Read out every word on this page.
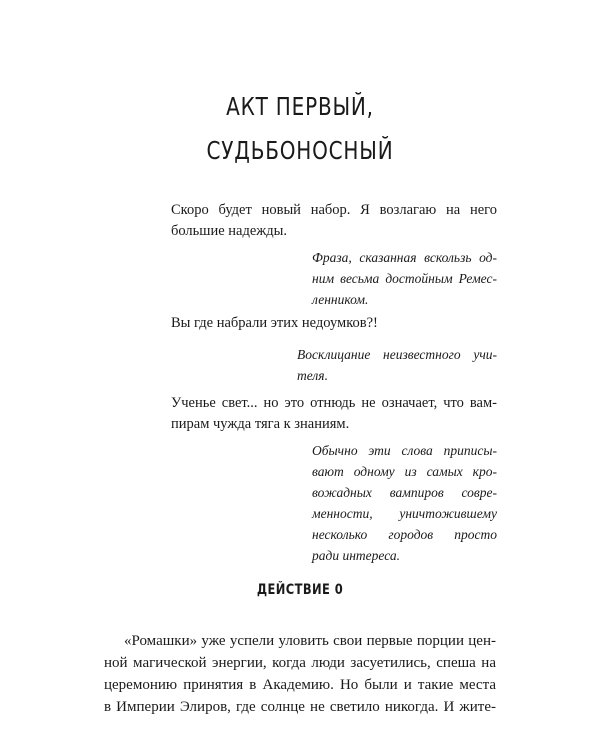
АКТ ПЕРВЫЙ,
СУДЬБОНОСНЫЙ
Скоро будет новый набор. Я возлагаю на него
большие надежды.
Фраза, сказанная вскользь од-
ним весьма достойным Ремес-
ленником.
Вы где набрали этих недоумков?!
Восклицание неизвестного учи-
теля.
Ученье свет... но это отнюдь не означает, что вам-
пирам чужда тяга к знаниям.
Обычно эти слова приписы-
вают одному из самых кро-
вожадных вампиров совре-
менности, уничтожившему
несколько городов просто
ради интереса.
ДЕЙСТВИЕ 0
«Ромашки» уже успели уловить свои первые порции цен-
ной магической энергии, когда люди засуетились, спеша на
церемонию принятия в Академию. Но были и такие места
в Империи Элиров, где солнце не светило никогда. И жите-
